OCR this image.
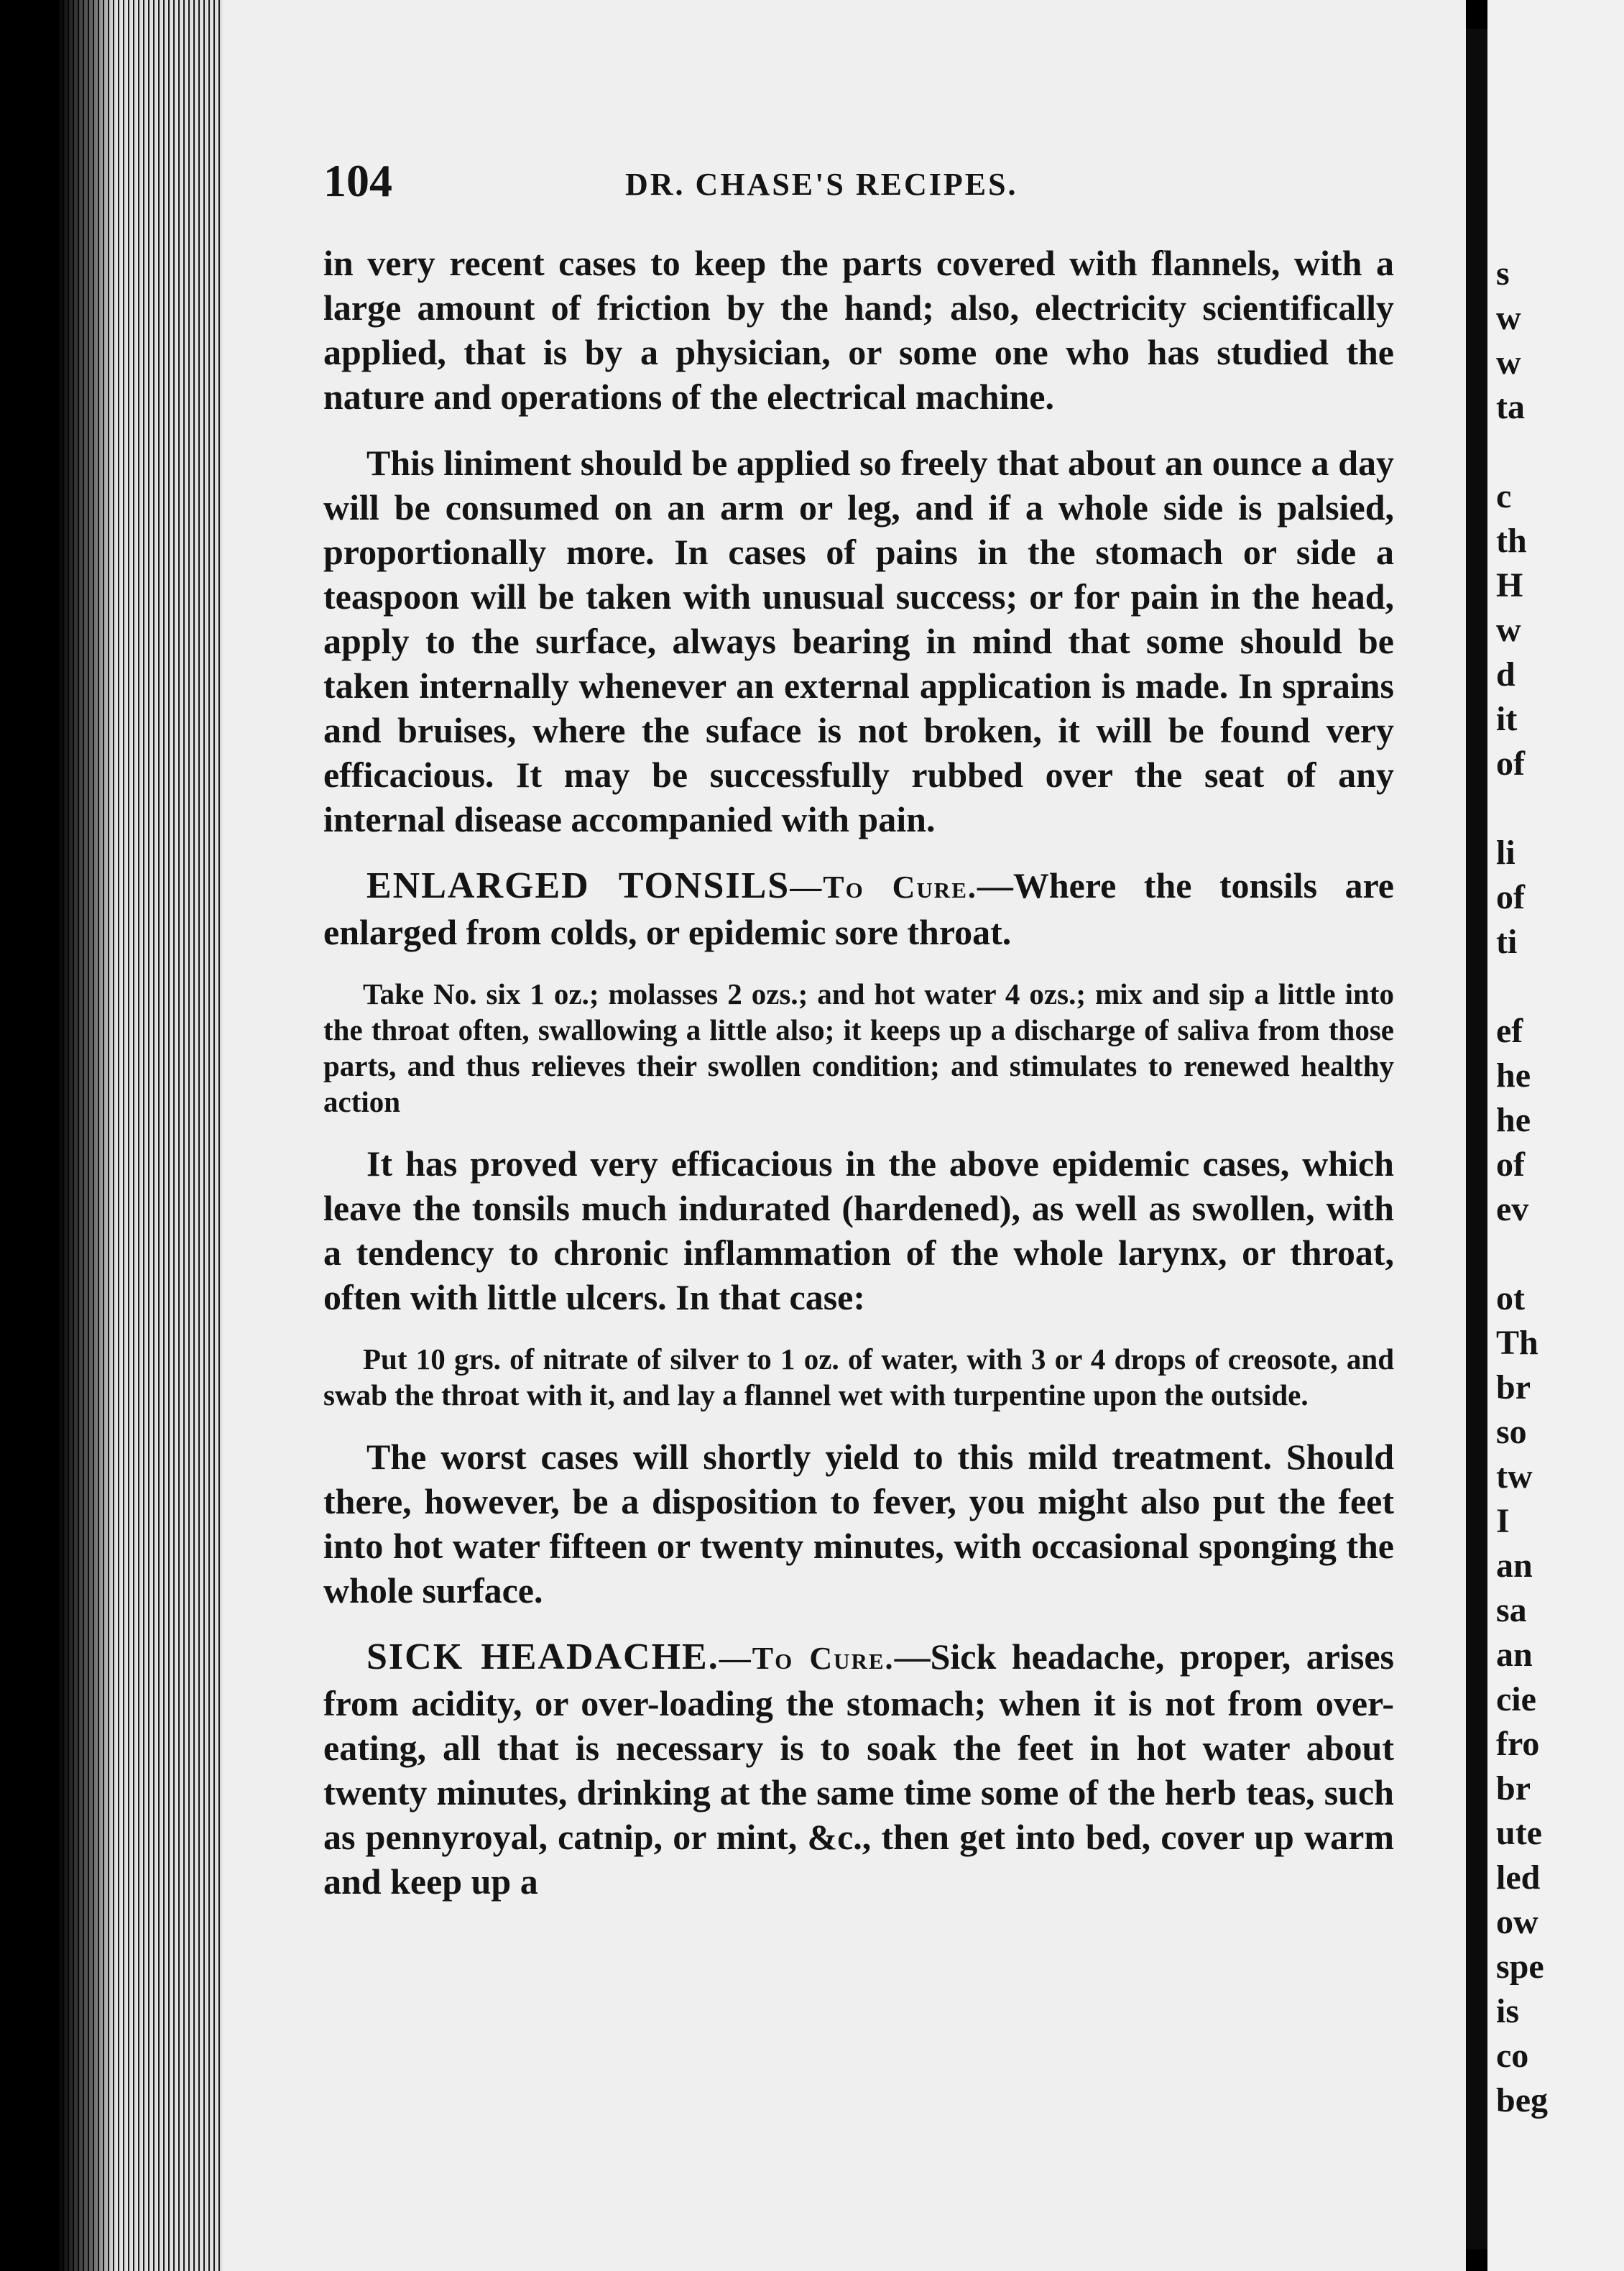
s
w
w
ta
c
th
H
w
d
it
of
li
of
ti
ef
he
he
of
ev
ot
Th
br
so
tw
I
an
sa
an
cie
fro
br
ute
led
ow
spe
is
co
beg
104	DR. CHASE'S RECIPES.

in very recent cases to keep the parts covered with flannels, with a large amount of friction by the hand; also, electricity scientifically applied, that is by a physician, or some one who has studied the nature and operations of the electrical machine.

This liniment should be applied so freely that about an ounce a day will be consumed on an arm or leg, and if a whole side is palsied, proportionally more. In cases of pains in the stomach or side a teaspoon will be taken with unusual success; or for pain in the head, apply to the surface, always bearing in mind that some should be taken internally whenever an external application is made. In sprains and bruises, where the suface is not broken, it will be found very efficacious. It may be successfully rubbed over the seat of any internal disease accompanied with pain.

ENLARGED TONSILS—To Cure.—Where the tonsils are enlarged from colds, or epidemic sore throat.

Take No. six 1 oz.; molasses 2 ozs.; and hot water 4 ozs.; mix and sip a little into the throat often, swallowing a little also; it keeps up a discharge of saliva from those parts, and thus relieves their swollen condition; and stimulates to renewed healthy action

It has proved very efficacious in the above epidemic cases, which leave the tonsils much indurated (hardened), as well as swollen, with a tendency to chronic inflammation of the whole larynx, or throat, often with little ulcers. In that case:

Put 10 grs. of nitrate of silver to 1 oz. of water, with 3 or 4 drops of creosote, and swab the throat with it, and lay a flannel wet with turpentine upon the outside.

The worst cases will shortly yield to this mild treatment. Should there, however, be a disposition to fever, you might also put the feet into hot water fifteen or twenty minutes, with occasional sponging the whole surface.

SICK HEADACHE.—To Cure.—Sick headache, proper, arises from acidity, or over-loading the stomach; when it is not from over-eating, all that is necessary is to soak the feet in hot water about twenty minutes, drinking at the same time some of the herb teas, such as pennyroyal, catnip, or mint, &c., then get into bed, cover up warm and keep up a
